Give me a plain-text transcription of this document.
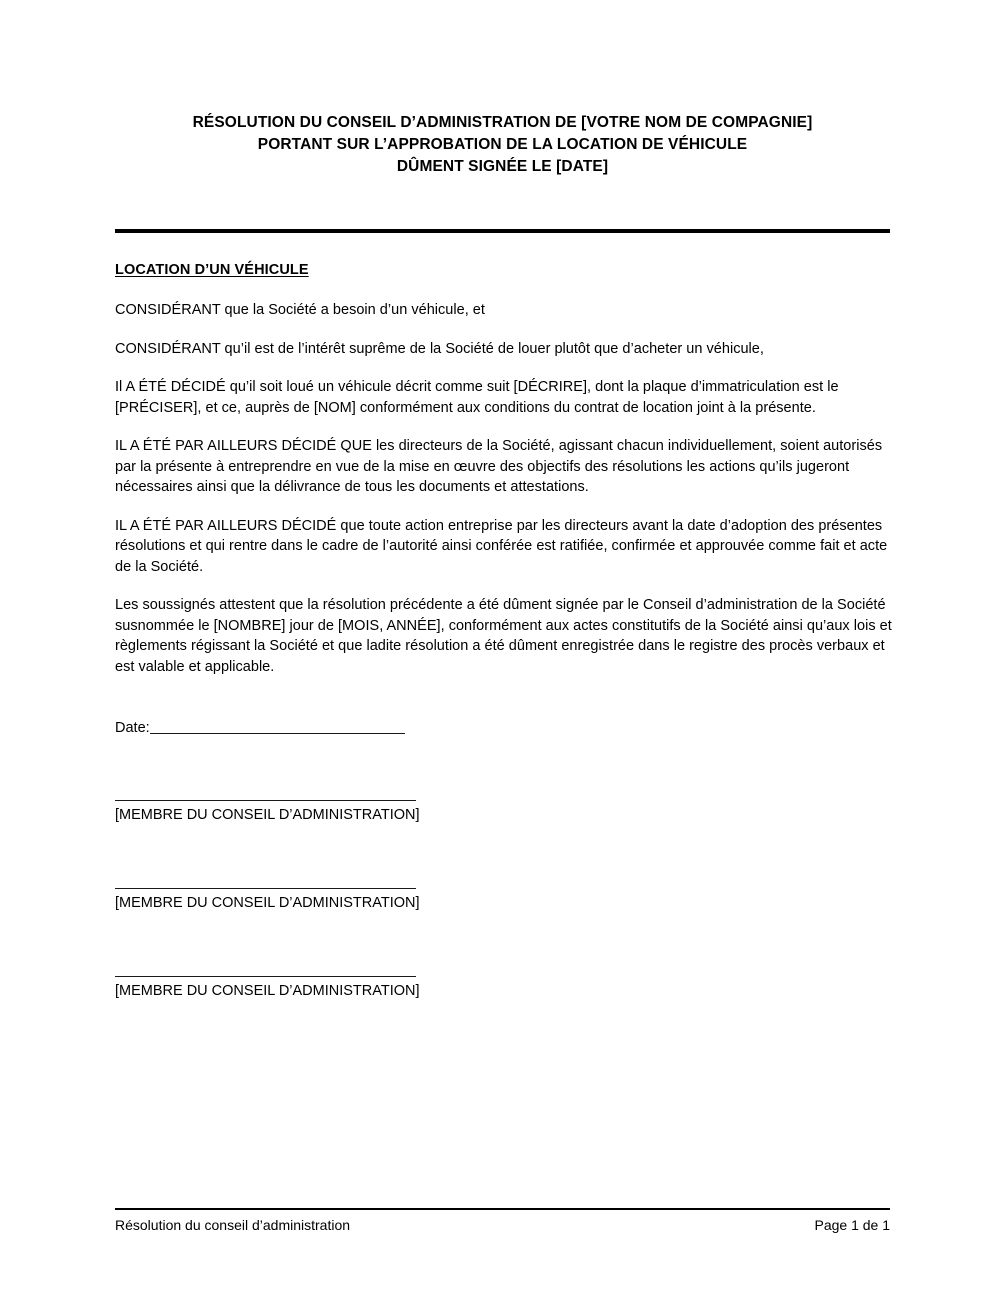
RÉSOLUTION DU CONSEIL D’ADMINISTRATION DE [VOTRE NOM DE COMPAGNIE]
PORTANT SUR L’APPROBATION DE LA LOCATION DE VÉHICULE
DÛMENT SIGNÉE LE [DATE]
LOCATION D’UN VÉHICULE

CONSIDÉRANT que la Société a besoin d’un véhicule, et

CONSIDÉRANT qu’il est de l’intérêt suprême de la Société de louer plutôt que d’acheter un véhicule,

Il A ÉTÉ DÉCIDÉ qu’il soit loué un véhicule décrit comme suit [DÉCRIRE], dont la plaque d’immatriculation est le [PRÉCISER], et ce, auprès de [NOM] conformément aux conditions du contrat de location joint à la présente.

IL A ÉTÉ PAR AILLEURS DÉCIDÉ QUE les directeurs de la Société, agissant chacun individuellement, soient autorisés par la présente à entreprendre en vue de la mise en œuvre des objectifs des résolutions les actions qu’ils jugeront nécessaires ainsi que la délivrance de tous les documents et attestations.

IL A ÉTÉ PAR AILLEURS DÉCIDÉ que toute action entreprise par les directeurs avant la date d’adoption des présentes résolutions et qui rentre dans le cadre de l’autorité ainsi conférée est ratifiée, confirmée et approuvée comme fait et acte de la Société.

Les soussignés attestent que la résolution précédente a été dûment signée par le Conseil d’administration de la Société susnommée le [NOMBRE] jour de [MOIS, ANNÉE], conformément aux actes constitutifs de la Société ainsi qu’aux lois et règlements régissant la Société et que ladite résolution a été dûment enregistrée dans le registre des procès verbaux et est valable et applicable.

Date:
[MEMBRE DU CONSEIL D’ADMINISTRATION]
[MEMBRE DU CONSEIL D’ADMINISTRATION]
[MEMBRE DU CONSEIL D’ADMINISTRATION]
Résolution du conseil d’administration	Page 1 de 1
